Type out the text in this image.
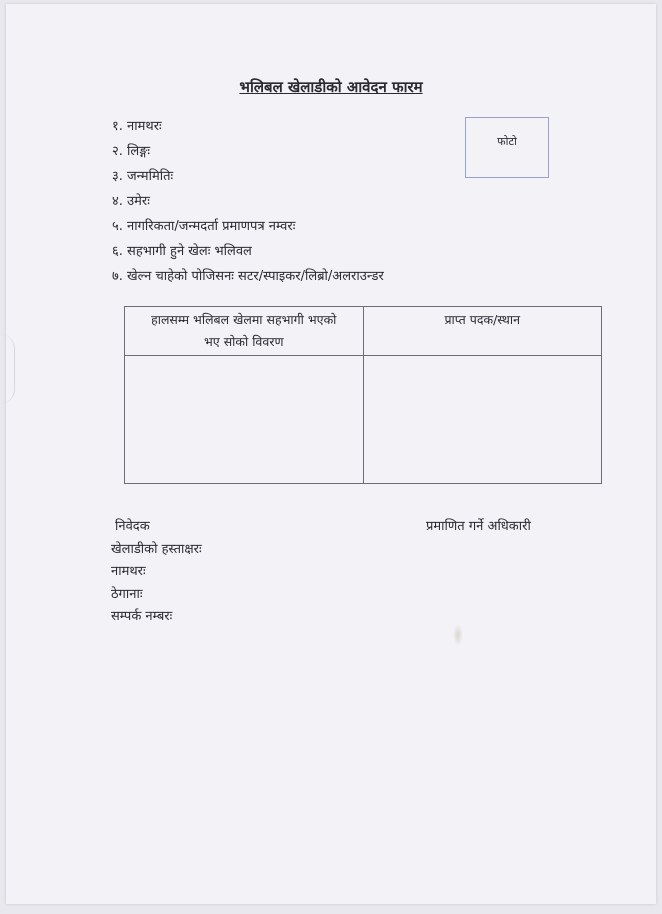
भलिबल खेलाडीको आवेदन फारम
१. नामथरः
२. लिङ्गः
३. जन्ममितिः
४. उमेरः
५. नागरिकता/जन्मदर्ता प्रमाणपत्र नम्वरः
६. सहभागी हुने खेलः भलिवल
७. खेल्न चाहेको पोजिसनः सटर/स्पाइकर/लिब्रो/अलराउन्डर
फोटो
हालसम्म भलिबल खेलमा सहभागी भएको
भए सोको विवरण	प्राप्त पदक/स्थान

निवेदक
खेलाडीको हस्ताक्षरः
नामथरः
ठेगानाः
सम्पर्क नम्बरः
प्रमाणित गर्ने अधिकारी
